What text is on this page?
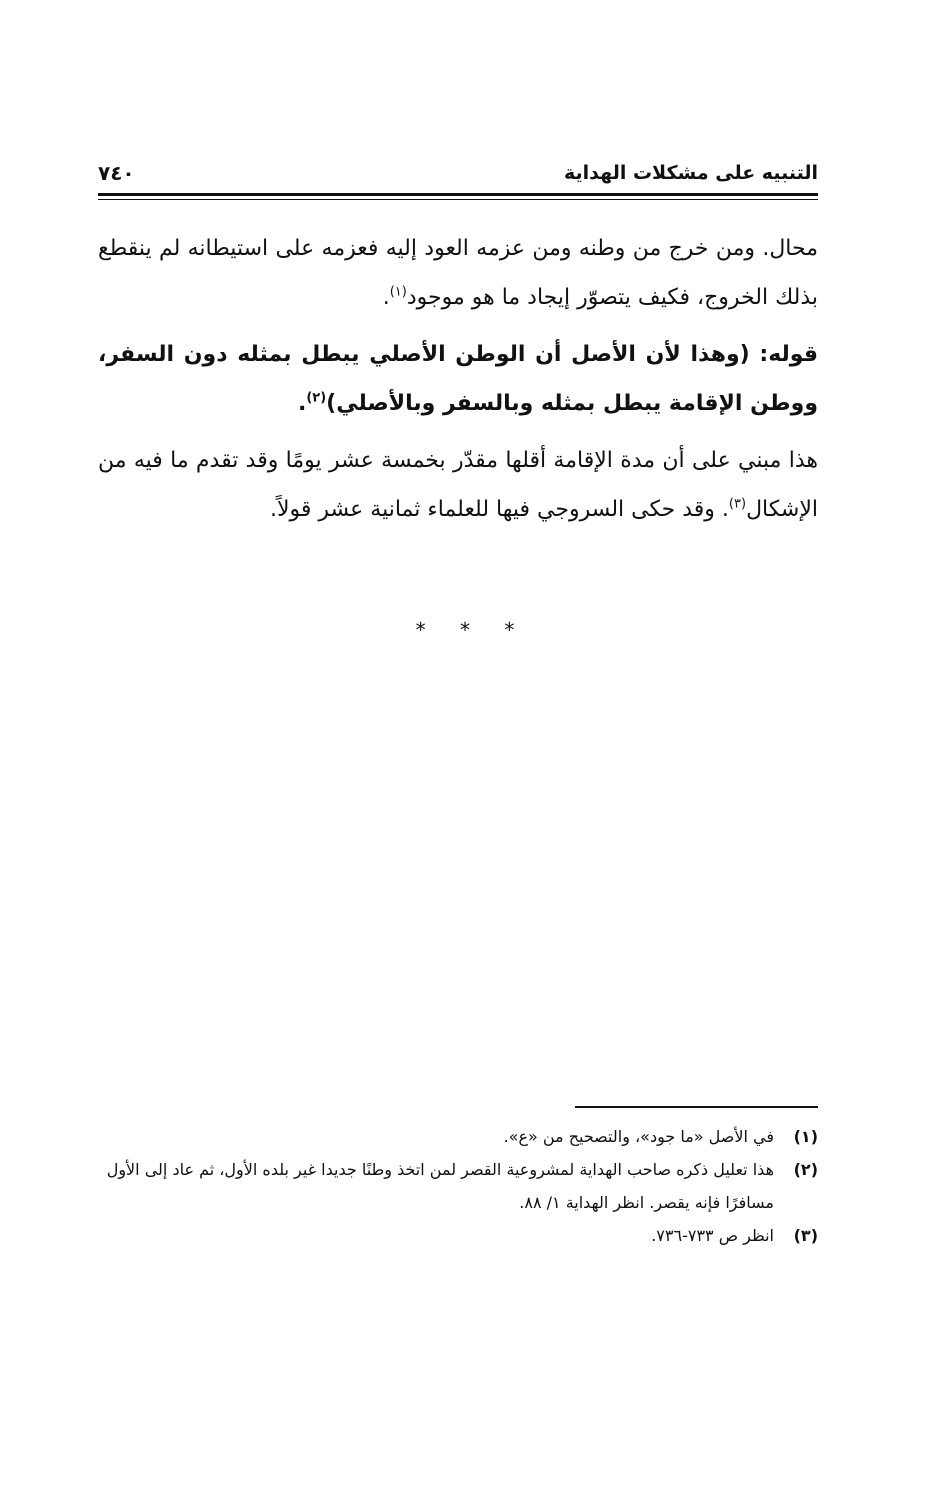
التنبيه على مشكلات الهداية
٧٤٠

محال. ومن خرج من وطنه ومن عزمه العود إليه فعزمه على استيطانه لم ينقطع بذلك الخروج، فكيف يتصوّر إيجاد ما هو موجود$^{(١)}$.

قوله: (وهذا لأن الأصل أن الوطن الأصلي يبطل بمثله دون السفر، ووطن الإقامة يبطل بمثله وبالسفر وبالأصلي)$^{(٢)}$.

هذا مبني على أن مدة الإقامة أقلها مقدّر بخمسة عشر يومًا وقد تقدم ما فيه من الإشكال$^{(٣)}$. وقد حكى السروجي فيها للعلماء ثمانية عشر قولاً.

* * *
(١)
في الأصل «ما جود»، والتصحيح من «ع».
(٢)
هذا تعليل ذكره صاحب الهداية لمشروعية القصر لمن اتخذ وطنًا جديدا غير بلده الأول، ثم عاد إلى الأول مسافرًا فإنه يقصر. انظر الهداية ١/ ٨٨.
(٣)
انظر ص ٧٣٣-٧٣٦.
